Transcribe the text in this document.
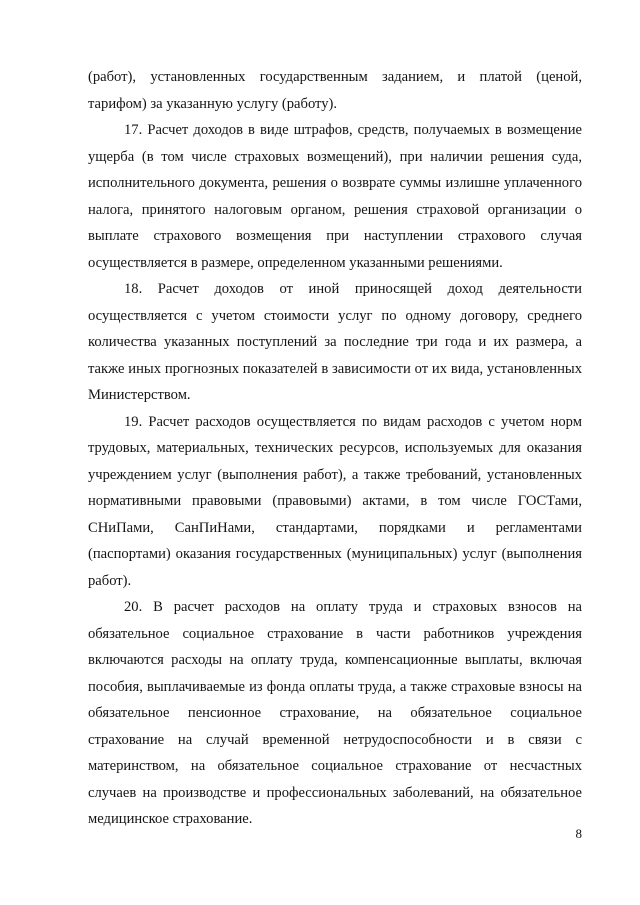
(работ), установленных государственным заданием, и платой (ценой,
тарифом) за указанную услугу (работу).
17. Расчет доходов в виде штрафов, средств, получаемых в возмещение
ущерба (в том числе страховых возмещений), при наличии решения суда,
исполнительного документа, решения о возврате суммы излишне уплаченного
налога, принятого налоговым органом, решения страховой организации о
выплате страхового возмещения при наступлении страхового случая
осуществляется в размере, определенном указанными решениями.
18. Расчет доходов от иной приносящей доход деятельности
осуществляется с учетом стоимости услуг по одному договору, среднего
количества указанных поступлений за последние три года и их размера, а
также иных прогнозных показателей в зависимости от их вида, установленных
Министерством.
19. Расчет расходов осуществляется по видам расходов с учетом норм
трудовых, материальных, технических ресурсов, используемых для оказания
учреждением услуг (выполнения работ), а также требований, установленных
нормативными правовыми (правовыми) актами, в том числе ГОСТами,
СНиПами, СанПиНами, стандартами, порядками и регламентами
(паспортами) оказания государственных (муниципальных) услуг (выполнения
работ).
20. В расчет расходов на оплату труда и страховых взносов на
обязательное социальное страхование в части работников учреждения
включаются расходы на оплату труда, компенсационные выплаты, включая
пособия, выплачиваемые из фонда оплаты труда, а также страховые взносы на
обязательное пенсионное страхование, на обязательное социальное
страхование на случай временной нетрудоспособности и в связи с
материнством, на обязательное социальное страхование от несчастных
случаев на производстве и профессиональных заболеваний, на обязательное
медицинское страхование.
8
